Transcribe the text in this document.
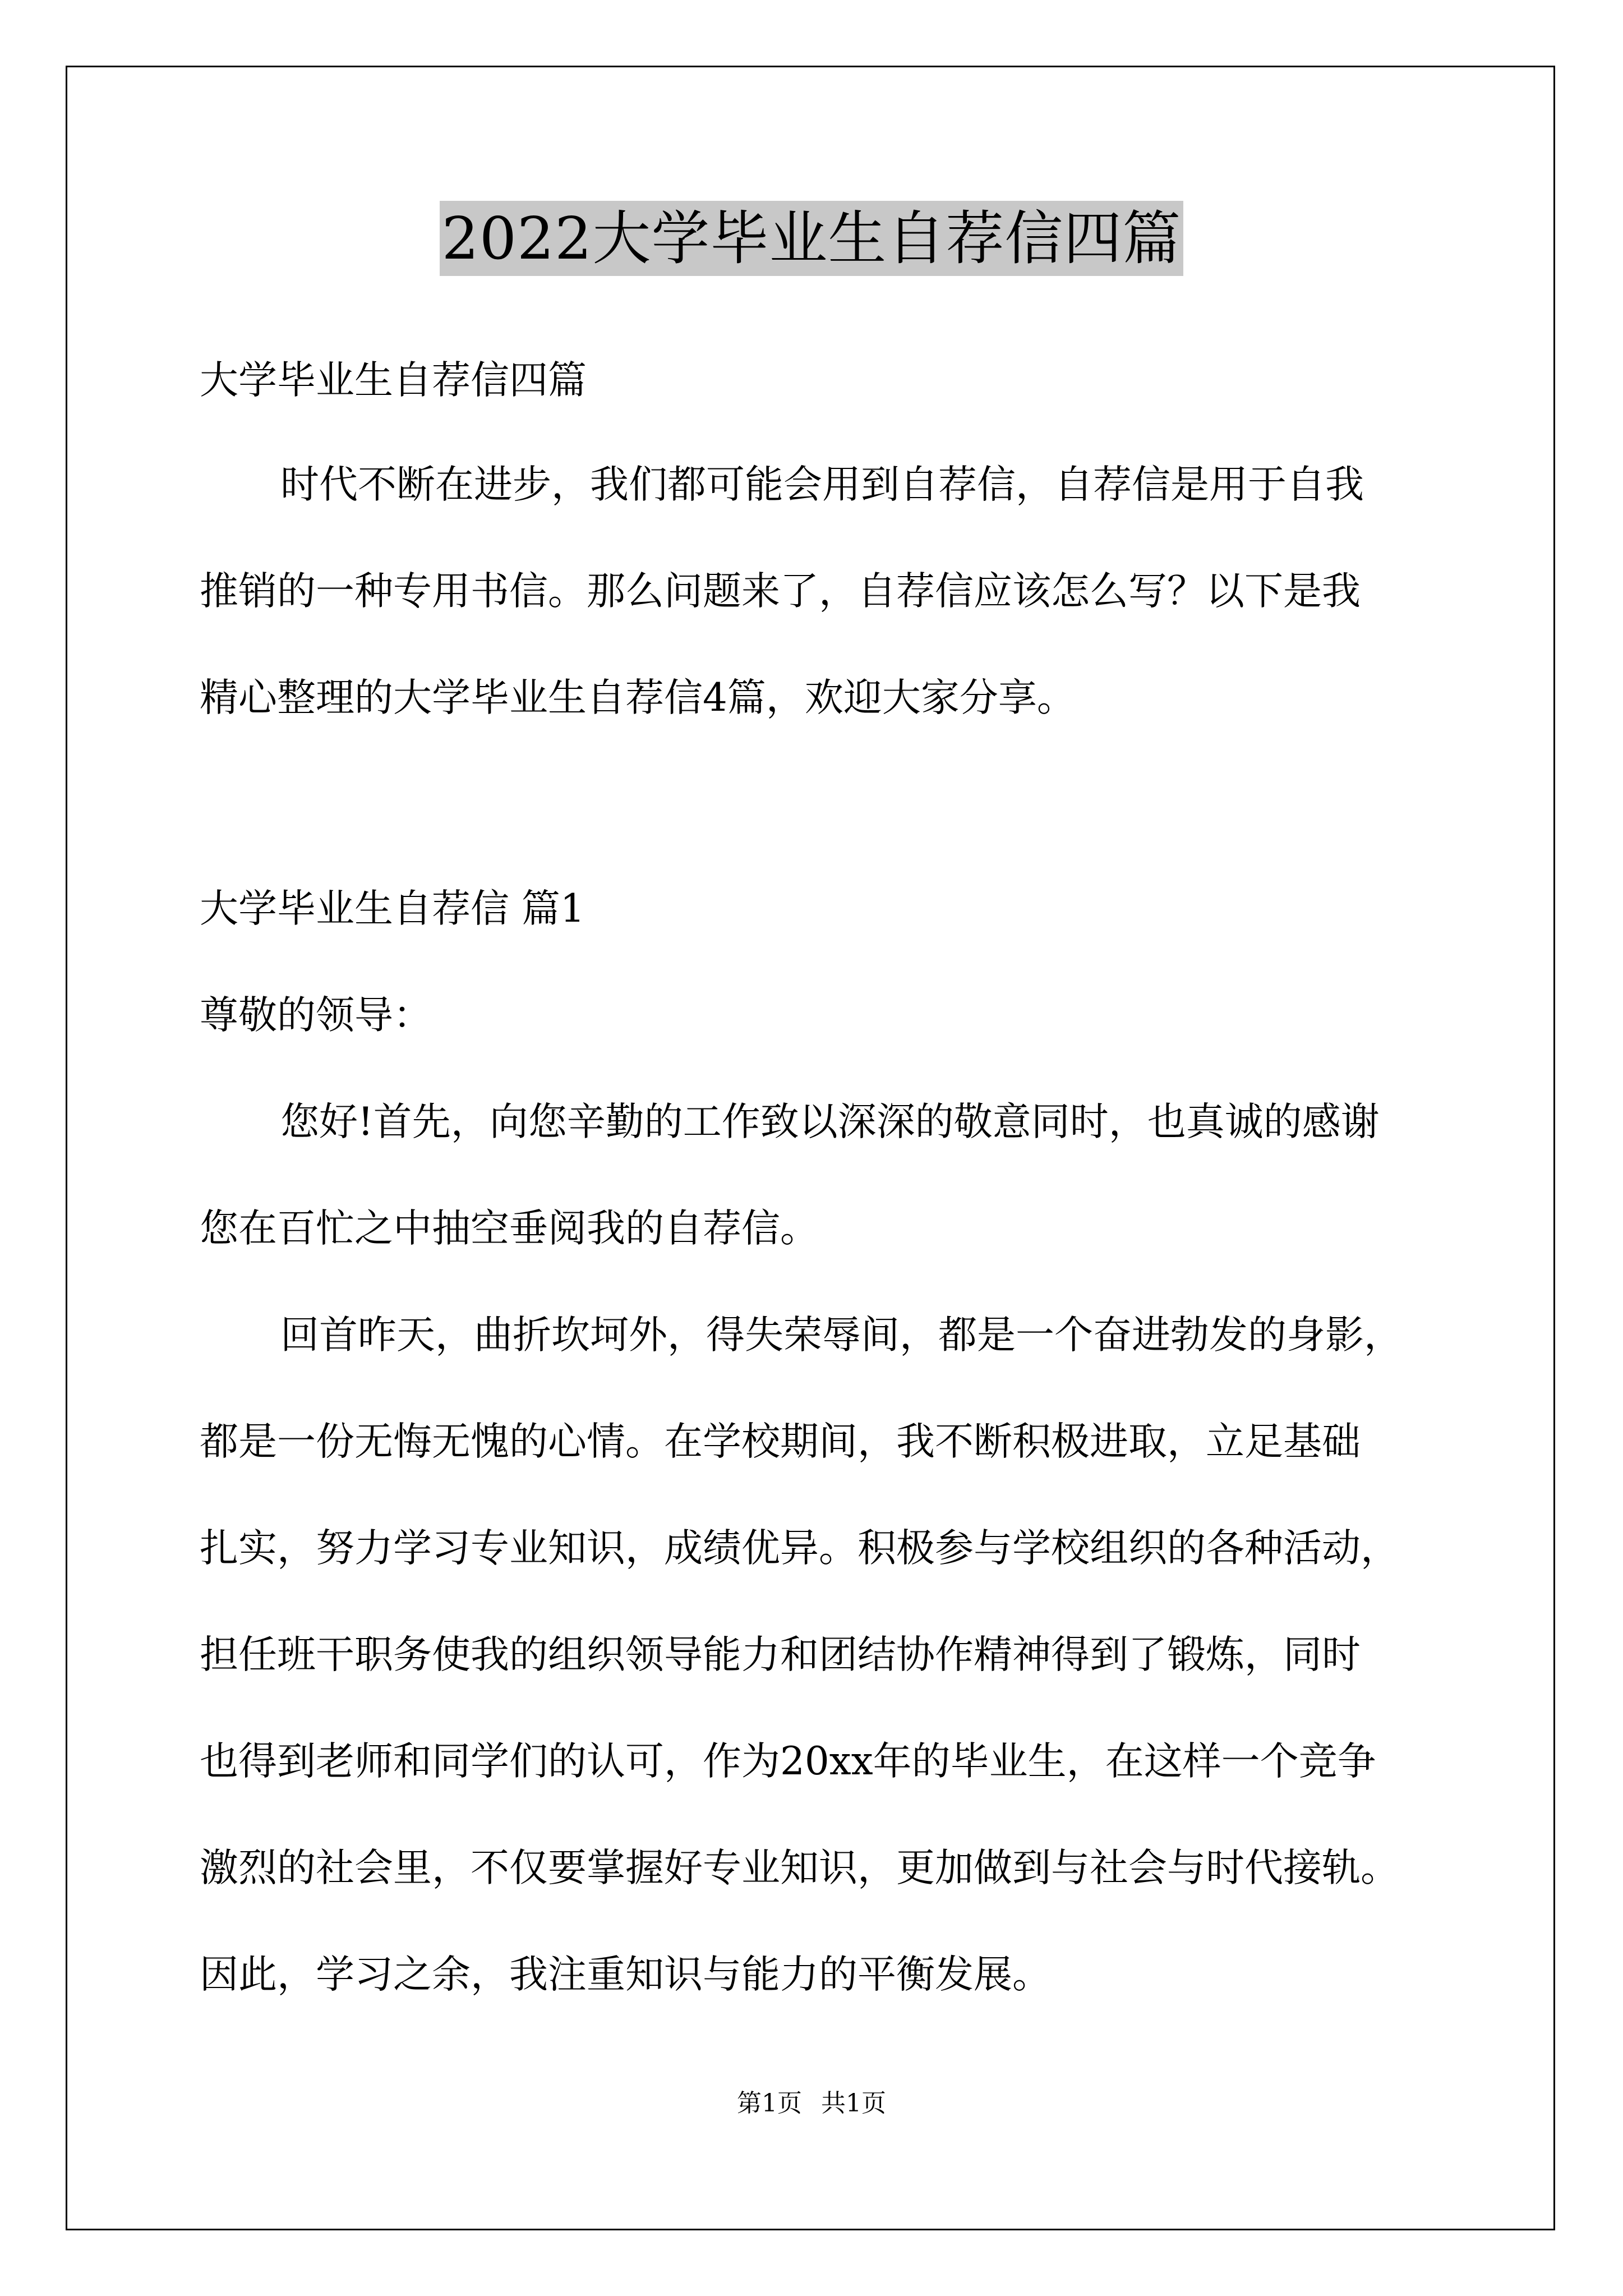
2022大学毕业生自荐信四篇
大学毕业生自荐信四篇
时代不断在进步，我们都可能会用到自荐信，自荐信是用于自我
推销的一种专用书信。那么问题来了，自荐信应该怎么写？以下是我
精心整理的大学毕业生自荐信4篇，欢迎大家分享。
大学毕业生自荐信 篇1
尊敬的领导：
您好!首先，向您辛勤的工作致以深深的敬意同时，也真诚的感谢
您在百忙之中抽空垂阅我的自荐信。
回首昨天，曲折坎坷外，得失荣辱间，都是一个奋进勃发的身影，
都是一份无悔无愧的心情。在学校期间，我不断积极进取，立足基础
扎实，努力学习专业知识，成绩优异。积极参与学校组织的各种活动，
担任班干职务使我的组织领导能力和团结协作精神得到了锻炼，同时
也得到老师和同学们的认可，作为20xx年的毕业生，在这样一个竞争
激烈的社会里，不仅要掌握好专业知识，更加做到与社会与时代接轨。
因此，学习之余，我注重知识与能力的平衡发展。
第1页 共1页
